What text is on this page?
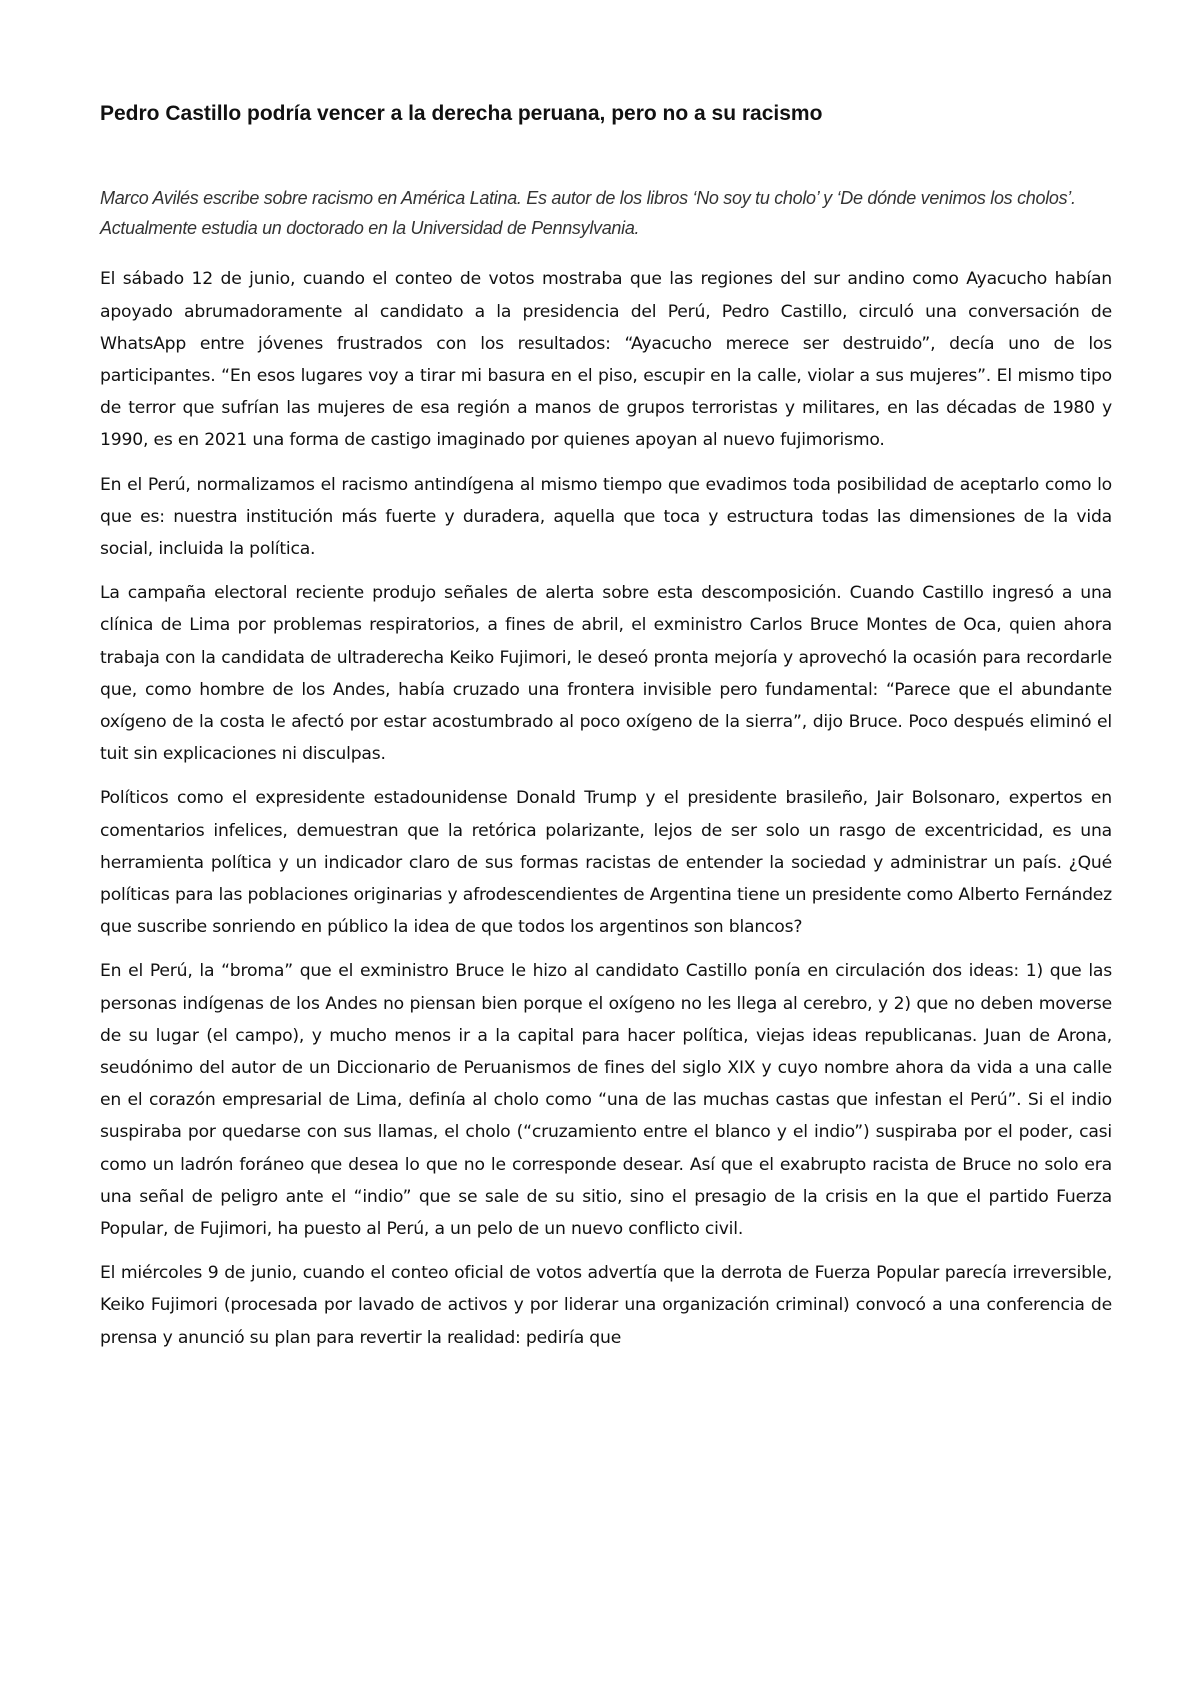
Pedro Castillo podría vencer a la derecha peruana, pero no a su racismo

Marco Avilés escribe sobre racismo en América Latina. Es autor de los libros ‘No soy tu cholo’ y ‘De dónde venimos los cholos’. Actualmente estudia un doctorado en la Universidad de Pennsylvania.

El sábado 12 de junio, cuando el conteo de votos mostraba que las regiones del sur andino como Ayacucho habían apoyado abrumadoramente al candidato a la presidencia del Perú, Pedro Castillo, circuló una conversación de WhatsApp entre jóvenes frustrados con los resultados: “Ayacucho merece ser destruido”, decía uno de los participantes. “En esos lugares voy a tirar mi basura en el piso, escupir en la calle, violar a sus mujeres”. El mismo tipo de terror que sufrían las mujeres de esa región a manos de grupos terroristas y militares, en las décadas de 1980 y 1990, es en 2021 una forma de castigo imaginado por quienes apoyan al nuevo fujimorismo.

En el Perú, normalizamos el racismo antindígena al mismo tiempo que evadimos toda posibilidad de aceptarlo como lo que es: nuestra institución más fuerte y duradera, aquella que toca y estructura todas las dimensiones de la vida social, incluida la política.

La campaña electoral reciente produjo señales de alerta sobre esta descomposición. Cuando Castillo ingresó a una clínica de Lima por problemas respiratorios, a fines de abril, el exministro Carlos Bruce Montes de Oca, quien ahora trabaja con la candidata de ultraderecha Keiko Fujimori, le deseó pronta mejoría y aprovechó la ocasión para recordarle que, como hombre de los Andes, había cruzado una frontera invisible pero fundamental: “Parece que el abundante oxígeno de la costa le afectó por estar acostumbrado al poco oxígeno de la sierra”, dijo Bruce. Poco después eliminó el tuit sin explicaciones ni disculpas.

Políticos como el expresidente estadounidense Donald Trump y el presidente brasileño, Jair Bolsonaro, expertos en comentarios infelices, demuestran que la retórica polarizante, lejos de ser solo un rasgo de excentricidad, es una herramienta política y un indicador claro de sus formas racistas de entender la sociedad y administrar un país. ¿Qué políticas para las poblaciones originarias y afrodescendientes de Argentina tiene un presidente como Alberto Fernández que suscribe sonriendo en público la idea de que todos los argentinos son blancos?

En el Perú, la “broma” que el exministro Bruce le hizo al candidato Castillo ponía en circulación dos ideas: 1) que las personas indígenas de los Andes no piensan bien porque el oxígeno no les llega al cerebro, y 2) que no deben moverse de su lugar (el campo), y mucho menos ir a la capital para hacer política, viejas ideas republicanas. Juan de Arona, seudónimo del autor de un Diccionario de Peruanismos de fines del siglo XIX y cuyo nombre ahora da vida a una calle en el corazón empresarial de Lima, definía al cholo como “una de las muchas castas que infestan el Perú”. Si el indio suspiraba por quedarse con sus llamas, el cholo (“cruzamiento entre el blanco y el indio”) suspiraba por el poder, casi como un ladrón foráneo que desea lo que no le corresponde desear. Así que el exabrupto racista de Bruce no solo era una señal de peligro ante el “indio” que se sale de su sitio, sino el presagio de la crisis en la que el partido Fuerza Popular, de Fujimori, ha puesto al Perú, a un pelo de un nuevo conflicto civil.

El miércoles 9 de junio, cuando el conteo oficial de votos advertía que la derrota de Fuerza Popular parecía irreversible, Keiko Fujimori (procesada por lavado de activos y por liderar una organización criminal) convocó a una conferencia de prensa y anunció su plan para revertir la realidad: pediría que
